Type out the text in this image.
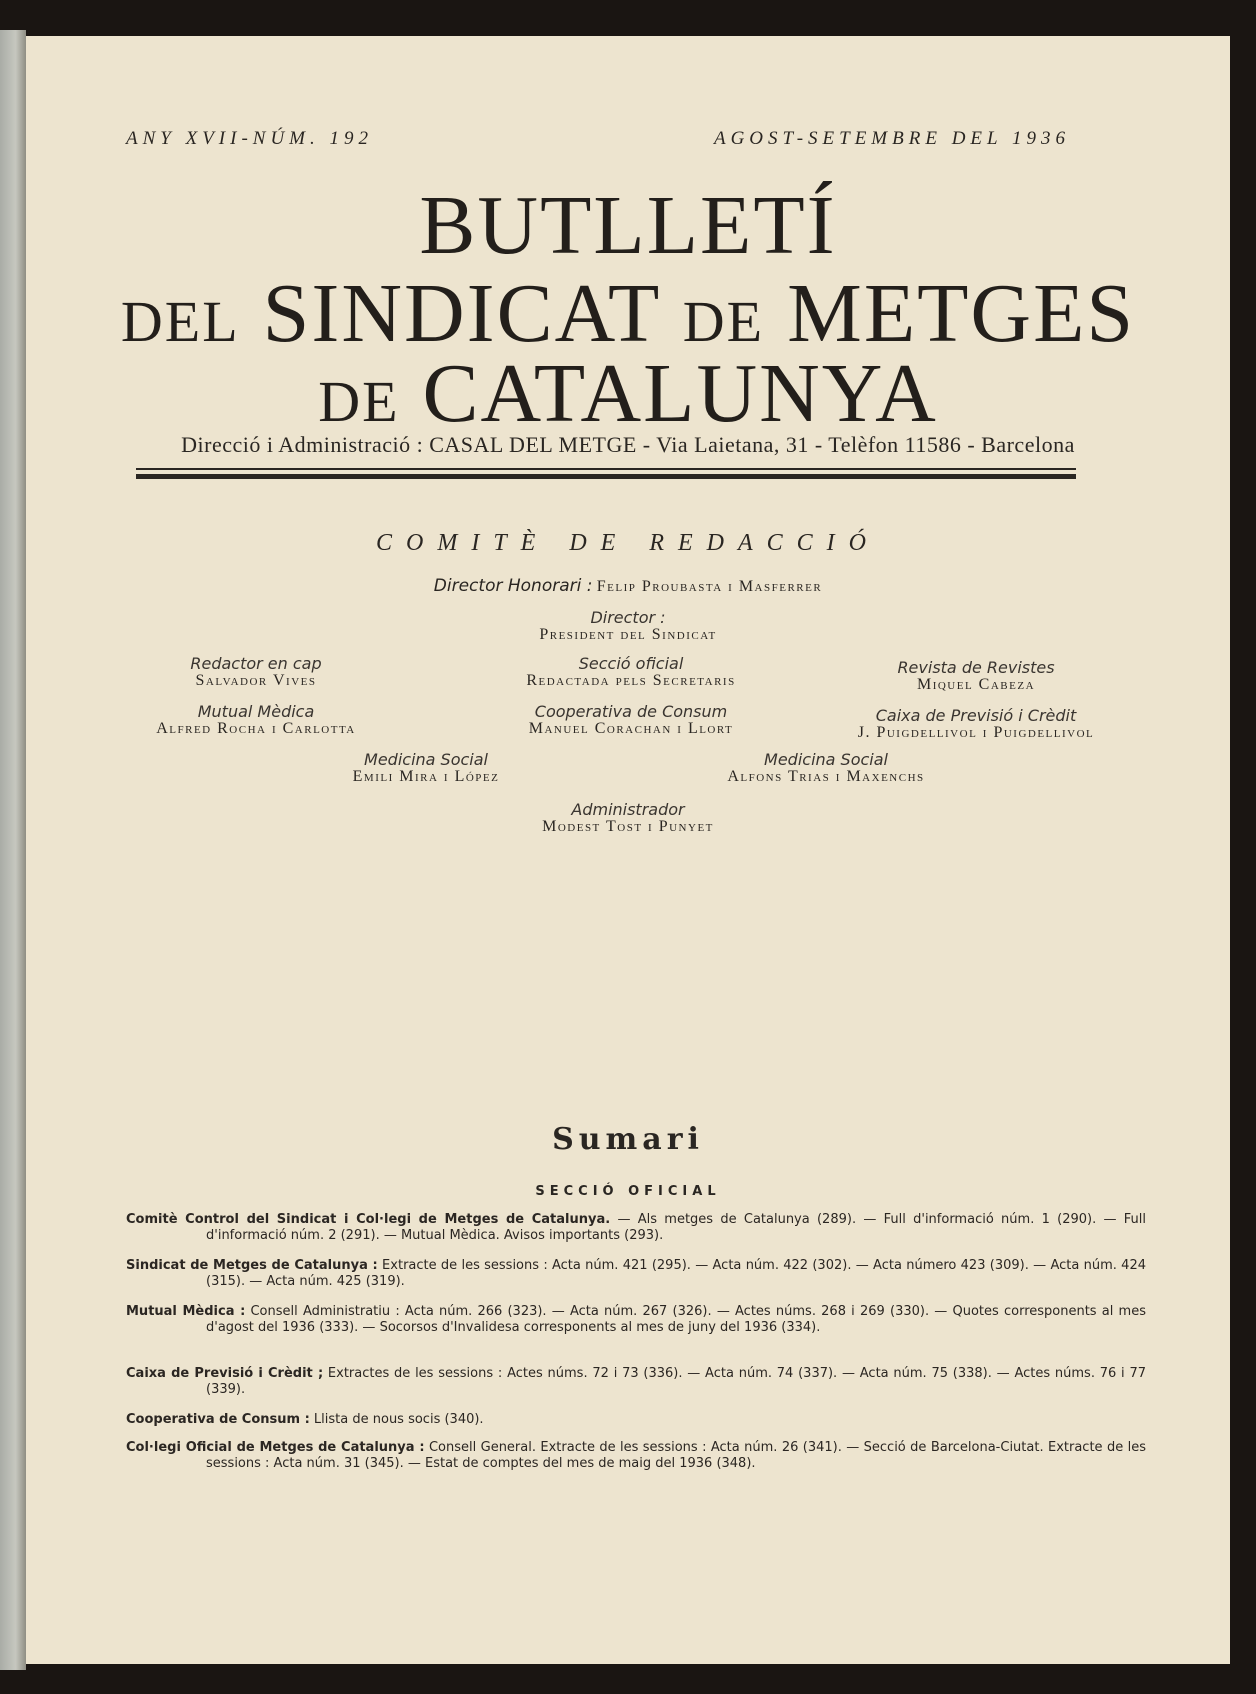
ANY XVII-NÚM. 192	AGOST-SETEMBRE DEL 1936
BUTLLETÍ
DEL SINDICAT DE METGES
DE CATALUNYA
Direcció i Administració : CASAL DEL METGE - Via Laietana, 31 - Telèfon 11586 - Barcelona
COMITÈ DE REDACCIÓ
Director Honorari : Felip Proubasta i Masferrer
Director :
President del Sindicat
Redactor en cap
Salvador Vives
Secció oficial
Redactada pels Secretaris
Revista de Revistes
Miquel Cabeza
Mutual Mèdica
Alfred Rocha i Carlotta
Cooperativa de Consum
Manuel Corachan i Llort
Caixa de Previsió i Crèdit
J. Puigdellivol i Puigdellivol
Medicina Social
Emili Mira i López
Medicina Social
Alfons Trias i Maxenchs
Administrador
Modest Tost i Punyet
Sumari
SECCIÓ OFICIAL
Comitè Control del Sindicat i Col·legi de Metges de Catalunya. — Als metges de Catalunya (289). — Full d'informació núm. 1 (290). — Full d'informació núm. 2 (291). — Mutual Mèdica. Avisos importants (293).
Sindicat de Metges de Catalunya : Extracte de les sessions : Acta núm. 421 (295). — Acta núm. 422 (302). — Acta número 423 (309). — Acta núm. 424 (315). — Acta núm. 425 (319).
Mutual Mèdica : Consell Administratiu : Acta núm. 266 (323). — Acta núm. 267 (326). — Actes núms. 268 i 269 (330). — Quotes corresponents al mes d'agost del 1936 (333). — Socorsos d'Invalidesa corresponents al mes de juny del 1936 (334).
Caixa de Previsió i Crèdit ; Extractes de les sessions : Actes núms. 72 i 73 (336). — Acta núm. 74 (337). — Acta núm. 75 (338). — Actes núms. 76 i 77 (339).
Cooperativa de Consum : Llista de nous socis (340).
Col·legi Oficial de Metges de Catalunya : Consell General. Extracte de les sessions : Acta núm. 26 (341). — Secció de Barcelona-Ciutat. Extracte de les sessions : Acta núm. 31 (345). — Estat de comptes del mes de maig del 1936 (348).
